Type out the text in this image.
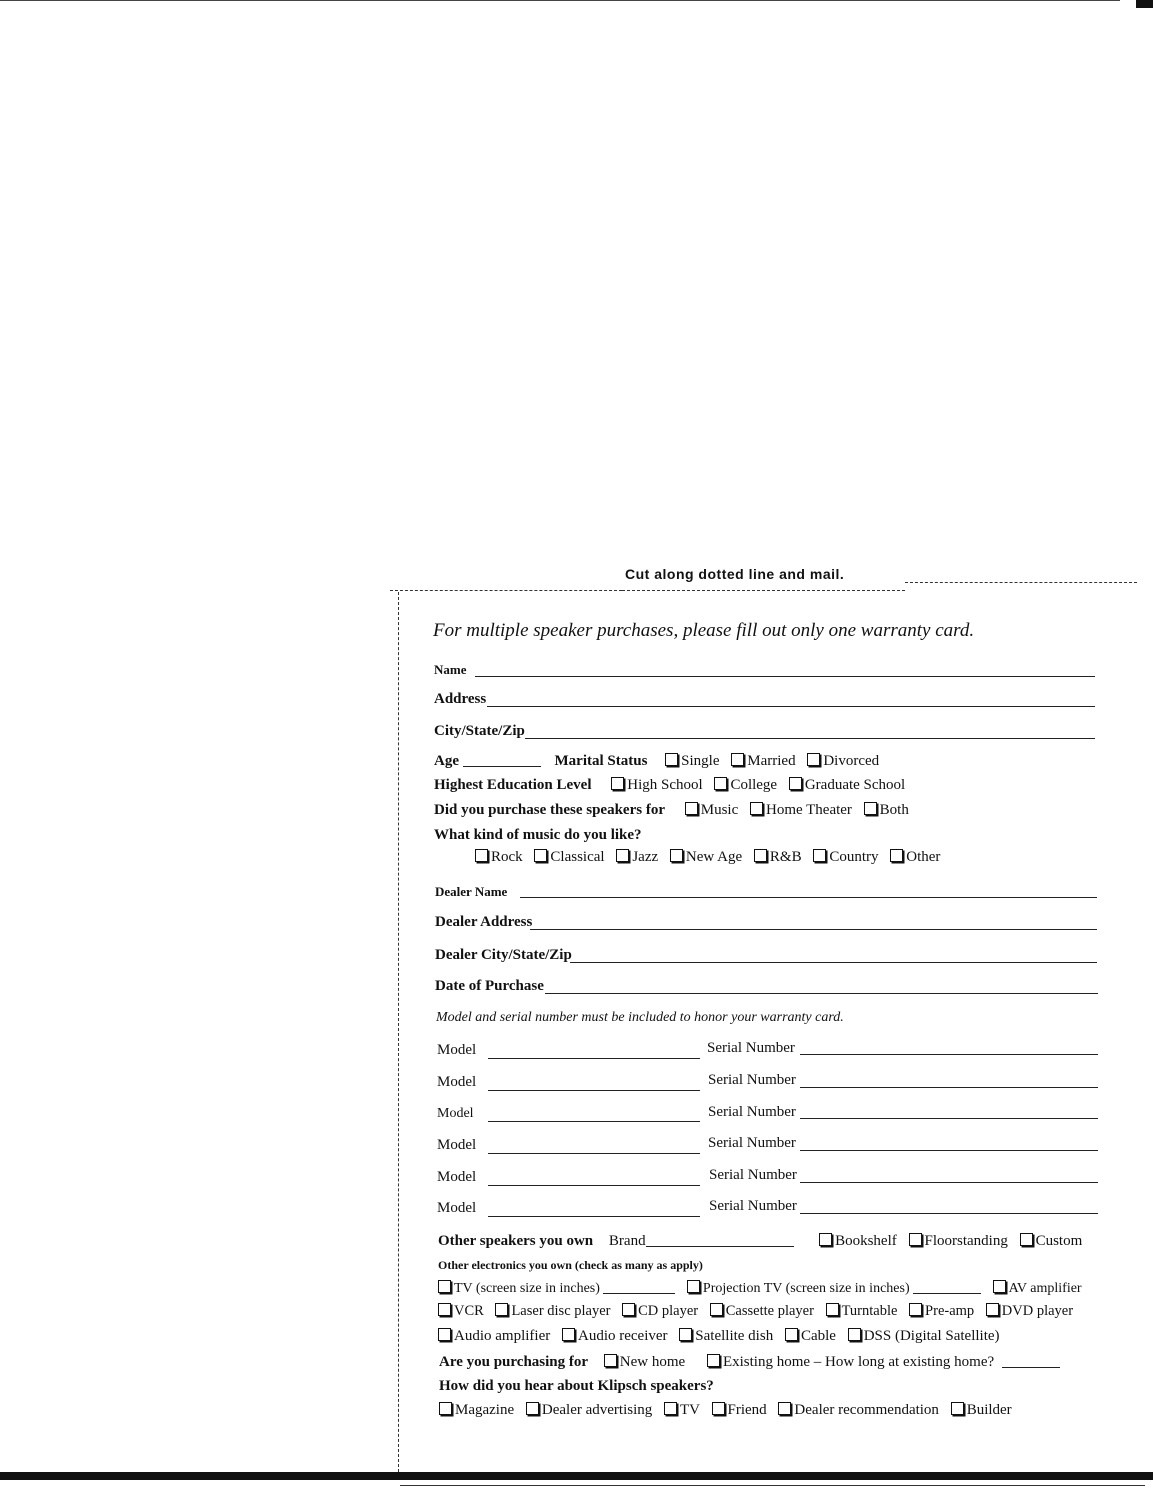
Cut along dotted line and mail.
For multiple speaker purchases, please fill out only one warranty card.
Name
Address
City/State/Zip
Age	Marital Status Single Married Divorced
Highest Education Level High School College Graduate School
Did you purchase these speakers for Music Home Theater Both
What kind of music do you like?
Rock Classical Jazz New Age R&B Country Other
Dealer Name
Dealer Address
Dealer City/State/Zip
Date of Purchase
Model and serial number must be included to honor your warranty card.
Model	Serial Number
Model	Serial Number
Model	Serial Number
Model	Serial Number
Model	Serial Number
Model	Serial Number
Other speakers you own Brand	Bookshelf Floorstanding Custom
Other electronics you own (check as many as apply)
TV (screen size in inches)	Projection TV (screen size in inches)	AV amplifier
VCR Laser disc player CD player Cassette player Turntable Pre-amp DVD player
Audio amplifier Audio receiver Satellite dish Cable DSS (Digital Satellite)
Are you purchasing for New home	Existing home – How long at existing home?
How did you hear about Klipsch speakers?
Magazine Dealer advertising TV Friend Dealer recommendation Builder
